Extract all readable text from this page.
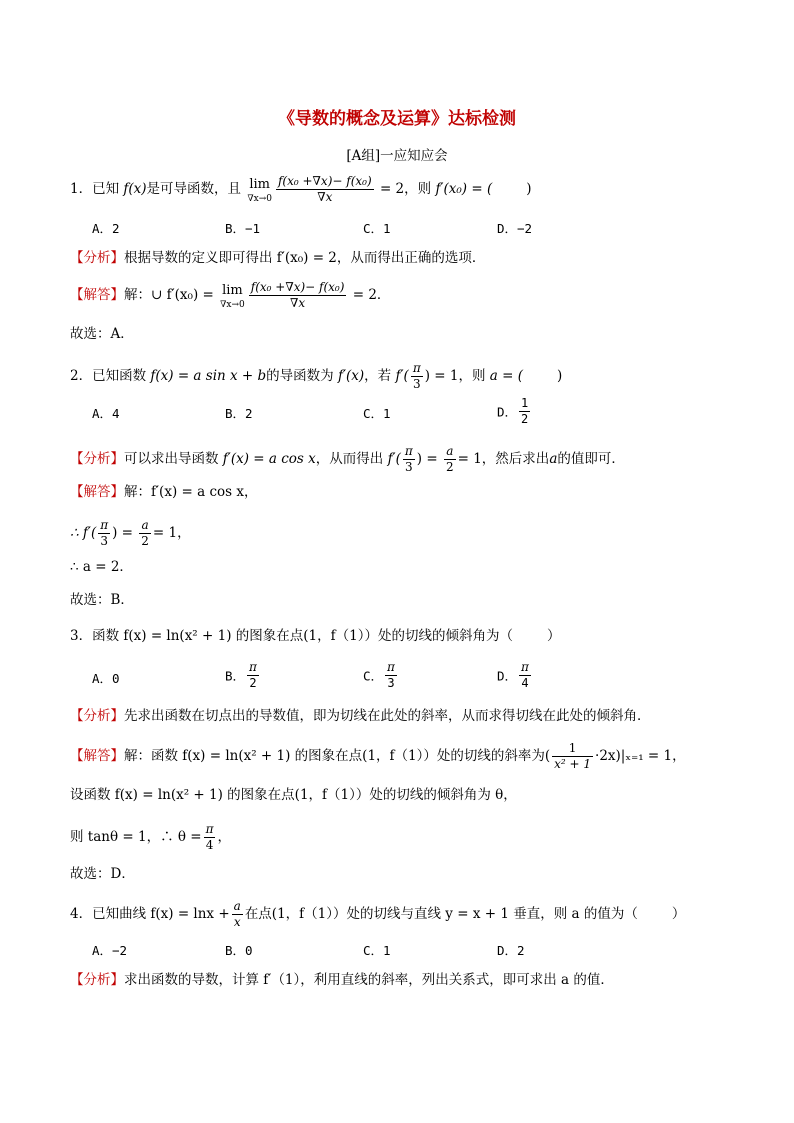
《导数的概念及运算》达标检测
[A组]一应知应会
1．已知 f(x)是可导函数，且 lim
$\nabla x\to 0 \frac{\text{f(x₀ +∇x)− f(x₀)}}{\nabla x} = 2$，则 f′(x₀) = (	)
A．2	B．−1	C．1	D．−2
【分析】根据导数的定义即可得出 f′(x₀) = 2，从而得出正确的选项．
【解答】解：∪ f′(x₀) = lim
$\nabla x\to 0 \frac{\text{f(x₀ +∇x)− f(x₀)}}{\nabla x} = 2$．
故选：A．
2．已知函数 f(x) = a sin x + b的导函数为 f′(x)，若 $f'( \frac{\pi}{3}$ ) = 1，则 a = (	)
A．4	B．2	C．1	D． $\frac{1}{2}$
【分析】可以求出导函数 f′(x) = a cos x，从而得出 $f'( \frac{\pi}{3}$ ) = $\frac{a}{2} = 1$，然后求出a的值即可．
【解答】解：f′(x) = a cos x，
∴ $f'( \frac{\pi}{3}$ ) = $\frac{a}{2} = 1$，
∴ a = 2．
故选：B．
3．函数 f(x) = ln(x² + 1) 的图象在点(1，f（1））处的切线的倾斜角为（	）
A．0	B． $\frac{\pi}{2}$	C． $\frac{\pi}{3}$	D． $\frac{\pi}{4}$
【分析】先求出函数在切点出的导数值，即为切线在此处的斜率，从而求得切线在此处的倾斜角．
【解答】解：函数 f(x) = ln(x² + 1) 的图象在点(1，f（1））处的切线的斜率为( $\frac{1}{\text{x² + 1}} \cdot 2x)|_{x=1} = 1$，
设函数 f(x) = ln(x² + 1) 的图象在点(1，f（1））处的切线的倾斜角为 θ，
则 tanθ = 1，∴ $\theta = \frac{\pi}{4}$ ，
故选：D．
4．已知曲线 $f(x) = \ln x + \frac{a}{x}$ 在点(1，f（1））处的切线与直线 y = x + 1 垂直，则 a 的值为（	）
A．−2	B．0	C．1	D．2
【分析】求出函数的导数，计算 f′（1），利用直线的斜率，列出关系式，即可求出 a 的值．
